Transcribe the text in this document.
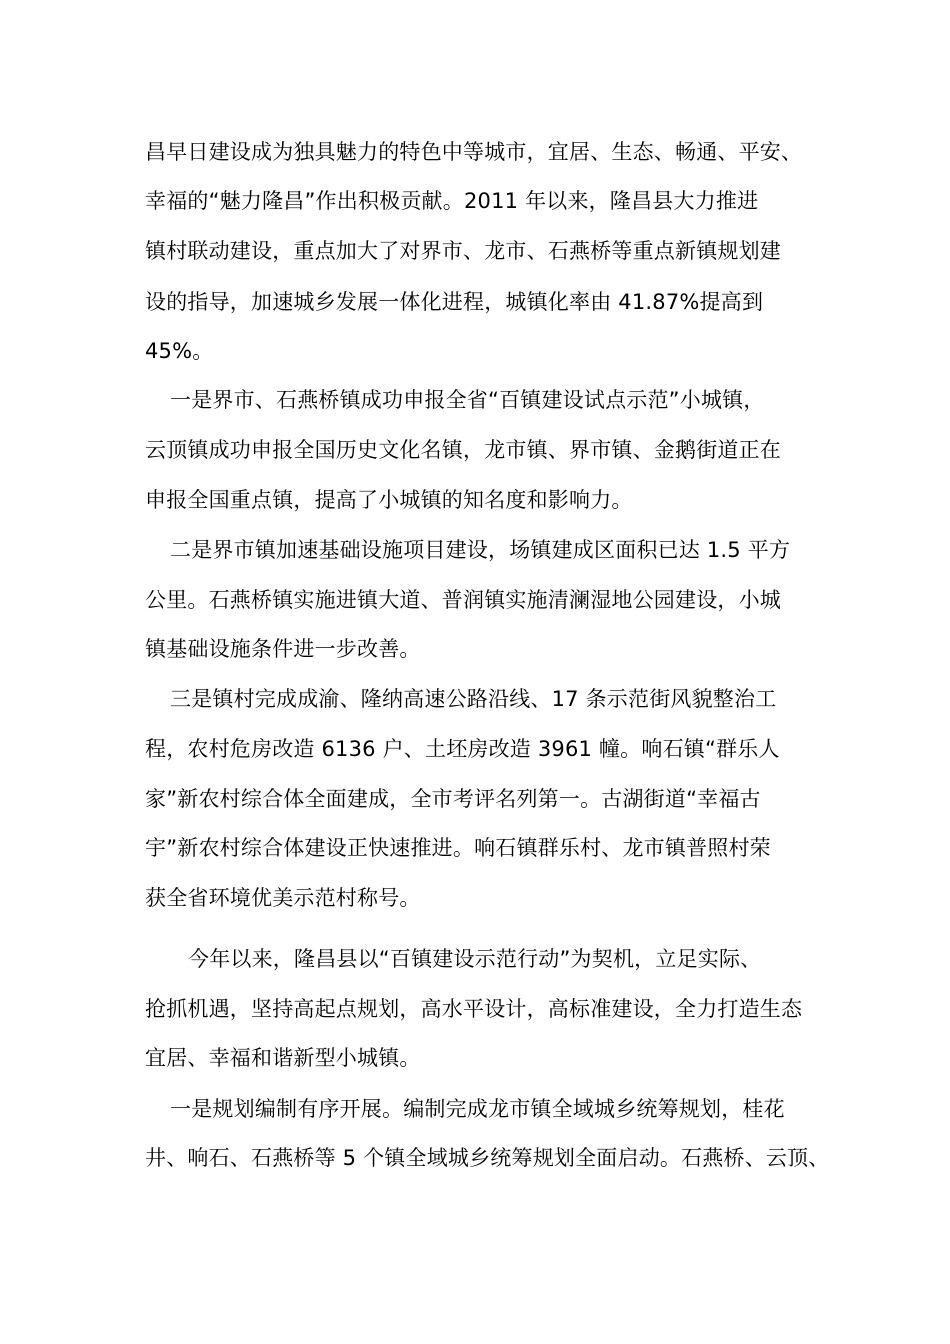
昌早日建设成为独具魅力的特色中等城市，宜居、生态、畅通、平安、

幸福的“魅力隆昌”作出积极贡献。2011 年以来，隆昌县大力推进

镇村联动建设，重点加大了对界市、龙市、石燕桥等重点新镇规划建

设的指导，加速城乡发展一体化进程，城镇化率由 41.87%提高到

45%。

一是界市、石燕桥镇成功申报全省“百镇建设试点示范”小城镇，

云顶镇成功申报全国历史文化名镇，龙市镇、界市镇、金鹅街道正在

申报全国重点镇，提高了小城镇的知名度和影响力。

二是界市镇加速基础设施项目建设，场镇建成区面积已达 1.5 平方

公里。石燕桥镇实施进镇大道、普润镇实施清澜湿地公园建设，小城

镇基础设施条件进一步改善。

三是镇村完成成渝、隆纳高速公路沿线、17 条示范街风貌整治工

程，农村危房改造 6136 户、土坯房改造 3961 幢。响石镇“群乐人

家”新农村综合体全面建成，全市考评名列第一。古湖街道“幸福古

宇”新农村综合体建设正快速推进。响石镇群乐村、龙市镇普照村荣

获全省环境优美示范村称号。

今年以来，隆昌县以“百镇建设示范行动”为契机，立足实际、

抢抓机遇，坚持高起点规划，高水平设计，高标准建设，全力打造生态

宜居、幸福和谐新型小城镇。

一是规划编制有序开展。编制完成龙市镇全域城乡统筹规划，桂花

井、响石、石燕桥等 5 个镇全域城乡统筹规划全面启动。石燕桥、云顶、
